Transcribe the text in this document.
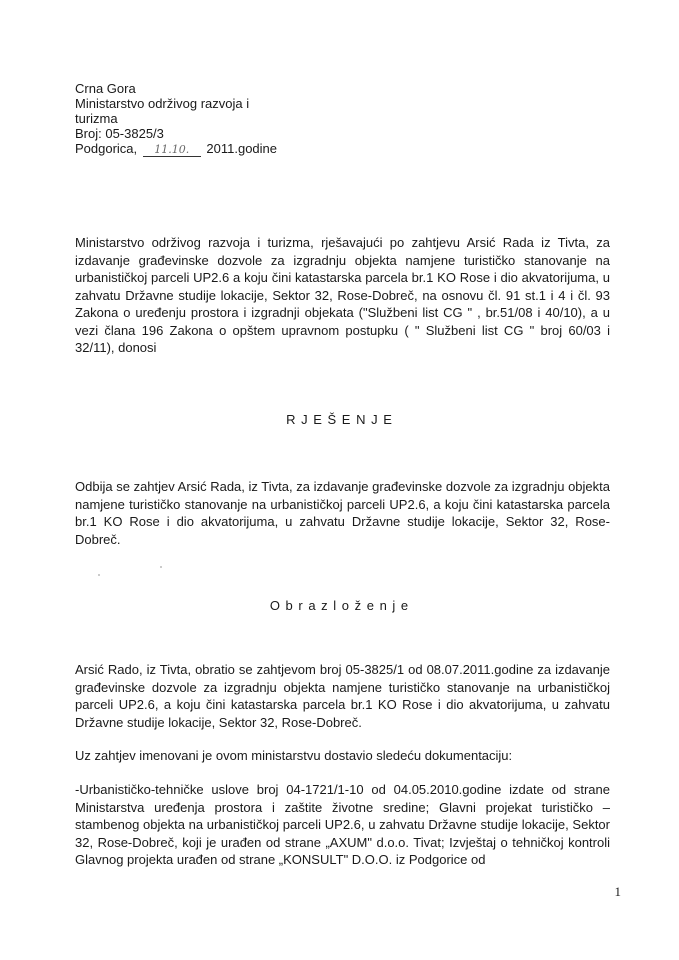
Crna Gora
Ministarstvo održivog razvoja i
turizma
Broj: 05-3825/3
Podgorica, 11.10. 2011.godine

Ministarstvo održivog razvoja i turizma, rješavajući po zahtjevu Arsić Rada iz Tivta, za izdavanje građevinske dozvole za izgradnju objekta namjene turističko stanovanje na urbanističkoj parceli UP2.6 a koju čini katastarska parcela br.1 KO Rose i dio akvatorijuma, u zahvatu Državne studije lokacije, Sektor 32, Rose-Dobreč, na osnovu čl. 91 st.1 i 4 i čl. 93 Zakona o uređenju prostora i izgradnji objekata ("Službeni list CG " , br.51/08 i 40/10), a u vezi člana 196 Zakona o opštem upravnom postupku ( " Službeni list CG " broj 60/03 i 32/11), donosi

R J E Š E N J E

Odbija se zahtjev Arsić Rada, iz Tivta, za izdavanje građevinske dozvole za izgradnju objekta namjene turističko stanovanje na urbanističkoj parceli UP2.6, a koju čini katastarska parcela br.1 KO Rose i dio akvatorijuma, u zahvatu Državne studije lokacije, Sektor 32, Rose-Dobreč.

O b r a z l o ž e n j e

Arsić Rado, iz Tivta, obratio se zahtjevom broj 05-3825/1 od 08.07.2011.godine za izdavanje građevinske dozvole za izgradnju objekta namjene turističko stanovanje na urbanističkoj parceli UP2.6, a koju čini katastarska parcela br.1 KO Rose i dio akvatorijuma, u zahvatu Državne studije lokacije, Sektor 32, Rose-Dobreč.

Uz zahtjev imenovani je ovom ministarstvu dostavio sledeću dokumentaciju:

-Urbanističko-tehničke uslove broj 04-1721/1-10 od 04.05.2010.godine izdate od strane Ministarstva uređenja prostora i zaštite životne sredine; Glavni projekat turističko – stambenog objekta na urbanističkoj parceli UP2.6, u zahvatu Državne studije lokacije, Sektor 32, Rose-Dobreč, koji je urađen od strane „AXUM" d.o.o. Tivat; Izvještaj o tehničkoj kontroli Glavnog projekta urađen od strane „KONSULT" D.O.O. iz Podgorice od

1
